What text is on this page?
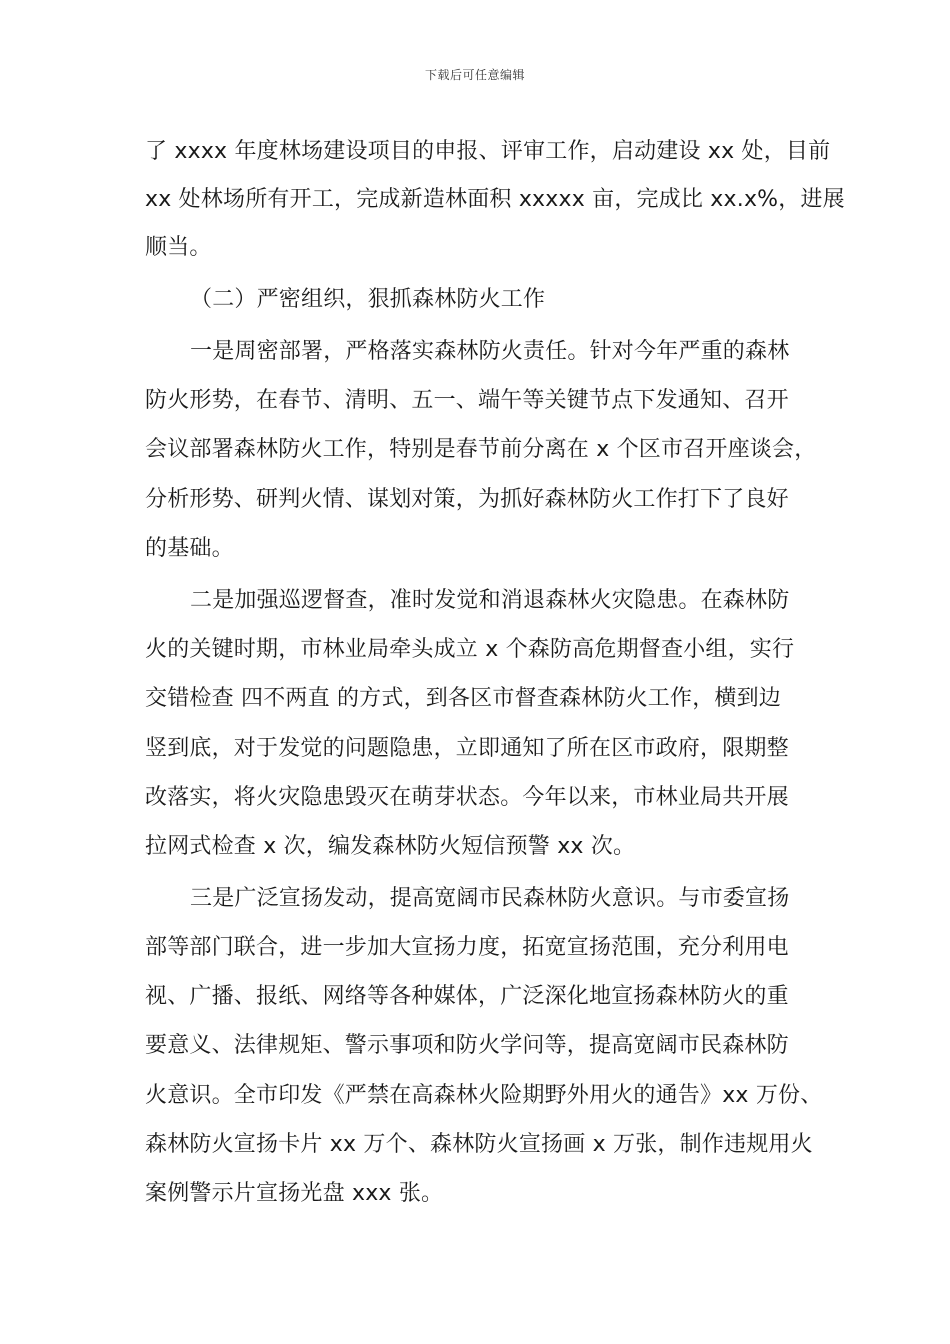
下载后可任意编辑
了 xxxx 年度林场建设项目的申报、评审工作，启动建设 xx 处，目前
xx 处林场所有开工，完成新造林面积 xxxxx 亩，完成比 xx.x%，进展
顺当。
（二）严密组织，狠抓森林防火工作
一是周密部署，严格落实森林防火责任。针对今年严重的森林
防火形势，在春节、清明、五一、端午等关键节点下发通知、召开
会议部署森林防火工作，特别是春节前分离在 x 个区市召开座谈会，
分析形势、研判火情、谋划对策，为抓好森林防火工作打下了良好
的基础。
二是加强巡逻督查，准时发觉和消退森林火灾隐患。在森林防
火的关键时期，市林业局牵头成立 x 个森防高危期督查小组，实行
交错检查 四不两直 的方式，到各区市督查森林防火工作，横到边
竖到底，对于发觉的问题隐患，立即通知了所在区市政府，限期整
改落实，将火灾隐患毁灭在萌芽状态。今年以来，市林业局共开展
拉网式检查 x 次，编发森林防火短信预警 xx 次。
三是广泛宣扬发动，提高宽阔市民森林防火意识。与市委宣扬
部等部门联合，进一步加大宣扬力度，拓宽宣扬范围，充分利用电
视、广播、报纸、网络等各种媒体，广泛深化地宣扬森林防火的重
要意义、法律规矩、警示事项和防火学问等，提高宽阔市民森林防
火意识。全市印发《严禁在高森林火险期野外用火的通告》xx 万份、
森林防火宣扬卡片 xx 万个、森林防火宣扬画 x 万张，制作违规用火
案例警示片宣扬光盘 xxx 张。
